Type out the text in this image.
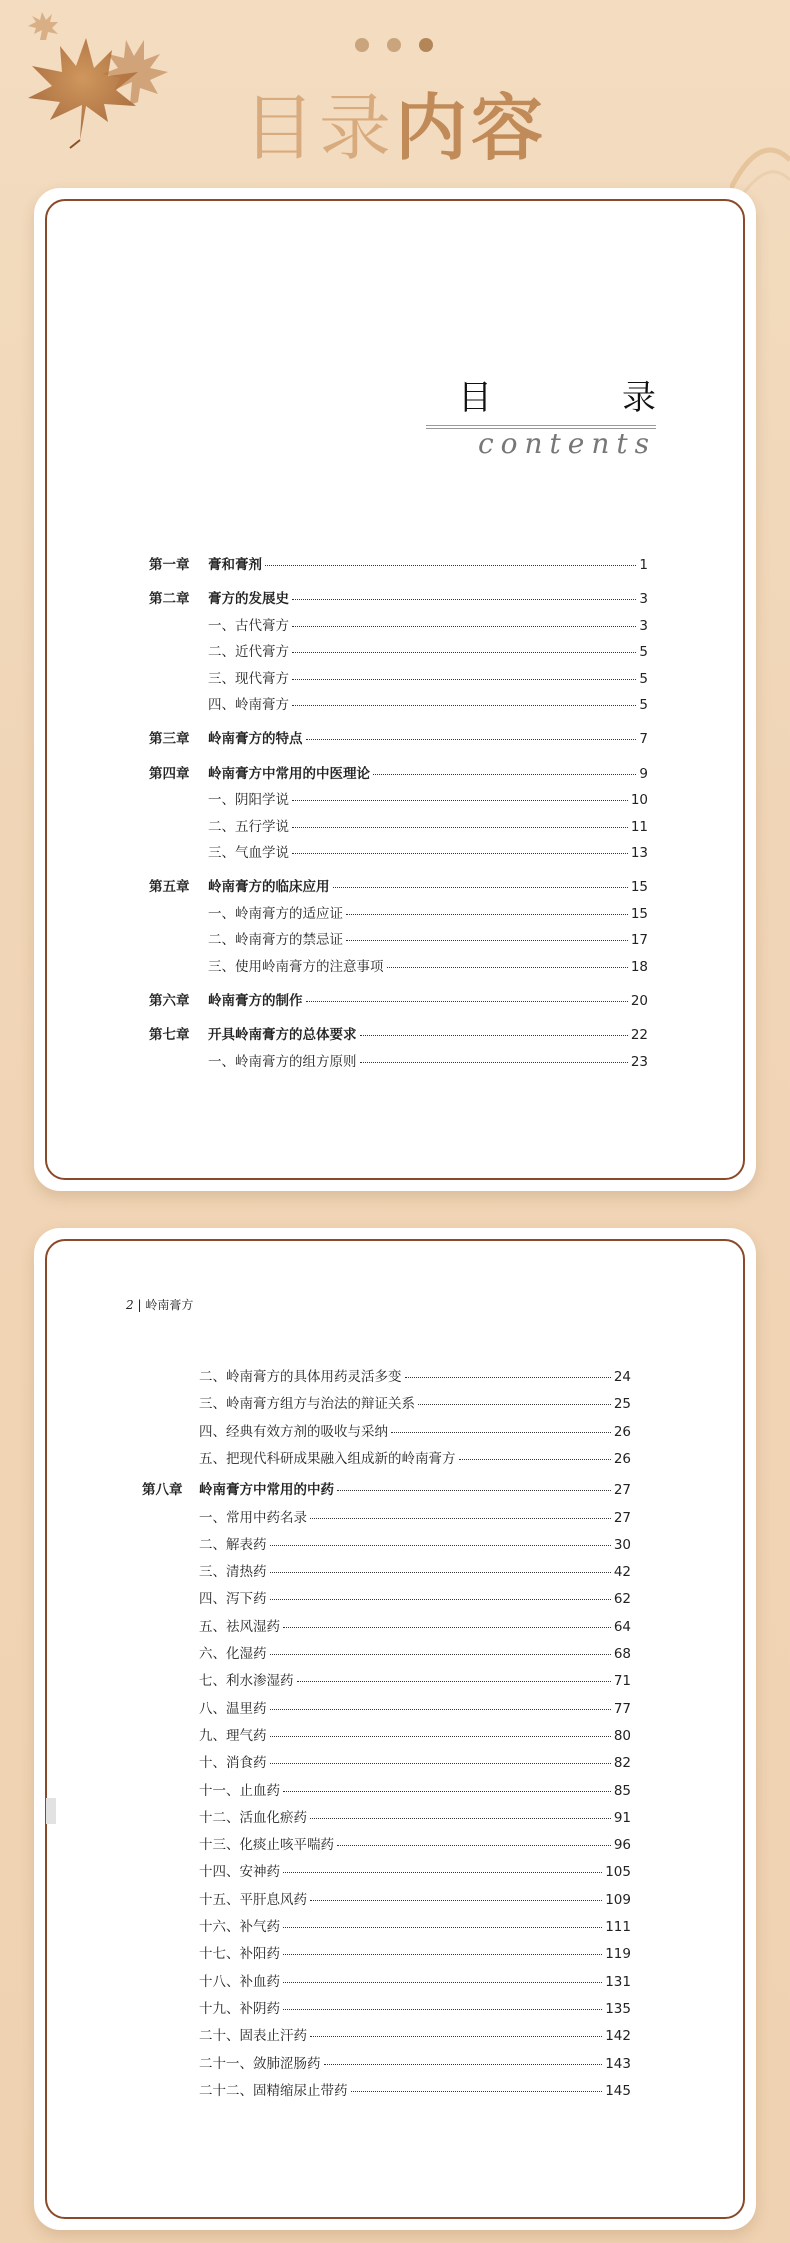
目录内容
目　录
contents
第一章 膏和膏剂	1
第二章 膏方的发展史	3
一、古代膏方	3
二、近代膏方	5
三、现代膏方	5
四、岭南膏方	5
第三章 岭南膏方的特点	7
第四章 岭南膏方中常用的中医理论	9
一、阴阳学说	10
二、五行学说	11
三、气血学说	13
第五章 岭南膏方的临床应用	15
一、岭南膏方的适应证	15
二、岭南膏方的禁忌证	17
三、使用岭南膏方的注意事项	18
第六章 岭南膏方的制作	20
第七章 开具岭南膏方的总体要求	22
一、岭南膏方的组方原则	23
2 | 岭南膏方
二、岭南膏方的具体用药灵活多变	24
三、岭南膏方组方与治法的辩证关系	25
四、经典有效方剂的吸收与采纳	26
五、把现代科研成果融入组成新的岭南膏方	26
第八章 岭南膏方中常用的中药	27
一、常用中药名录	27
二、解表药	30
三、清热药	42
四、泻下药	62
五、祛风湿药	64
六、化湿药	68
七、利水渗湿药	71
八、温里药	77
九、理气药	80
十、消食药	82
十一、止血药	85
十二、活血化瘀药	91
十三、化痰止咳平喘药	96
十四、安神药	105
十五、平肝息风药	109
十六、补气药	111
十七、补阳药	119
十八、补血药	131
十九、补阴药	135
二十、固表止汗药	142
二十一、敛肺涩肠药	143
二十二、固精缩尿止带药	145
